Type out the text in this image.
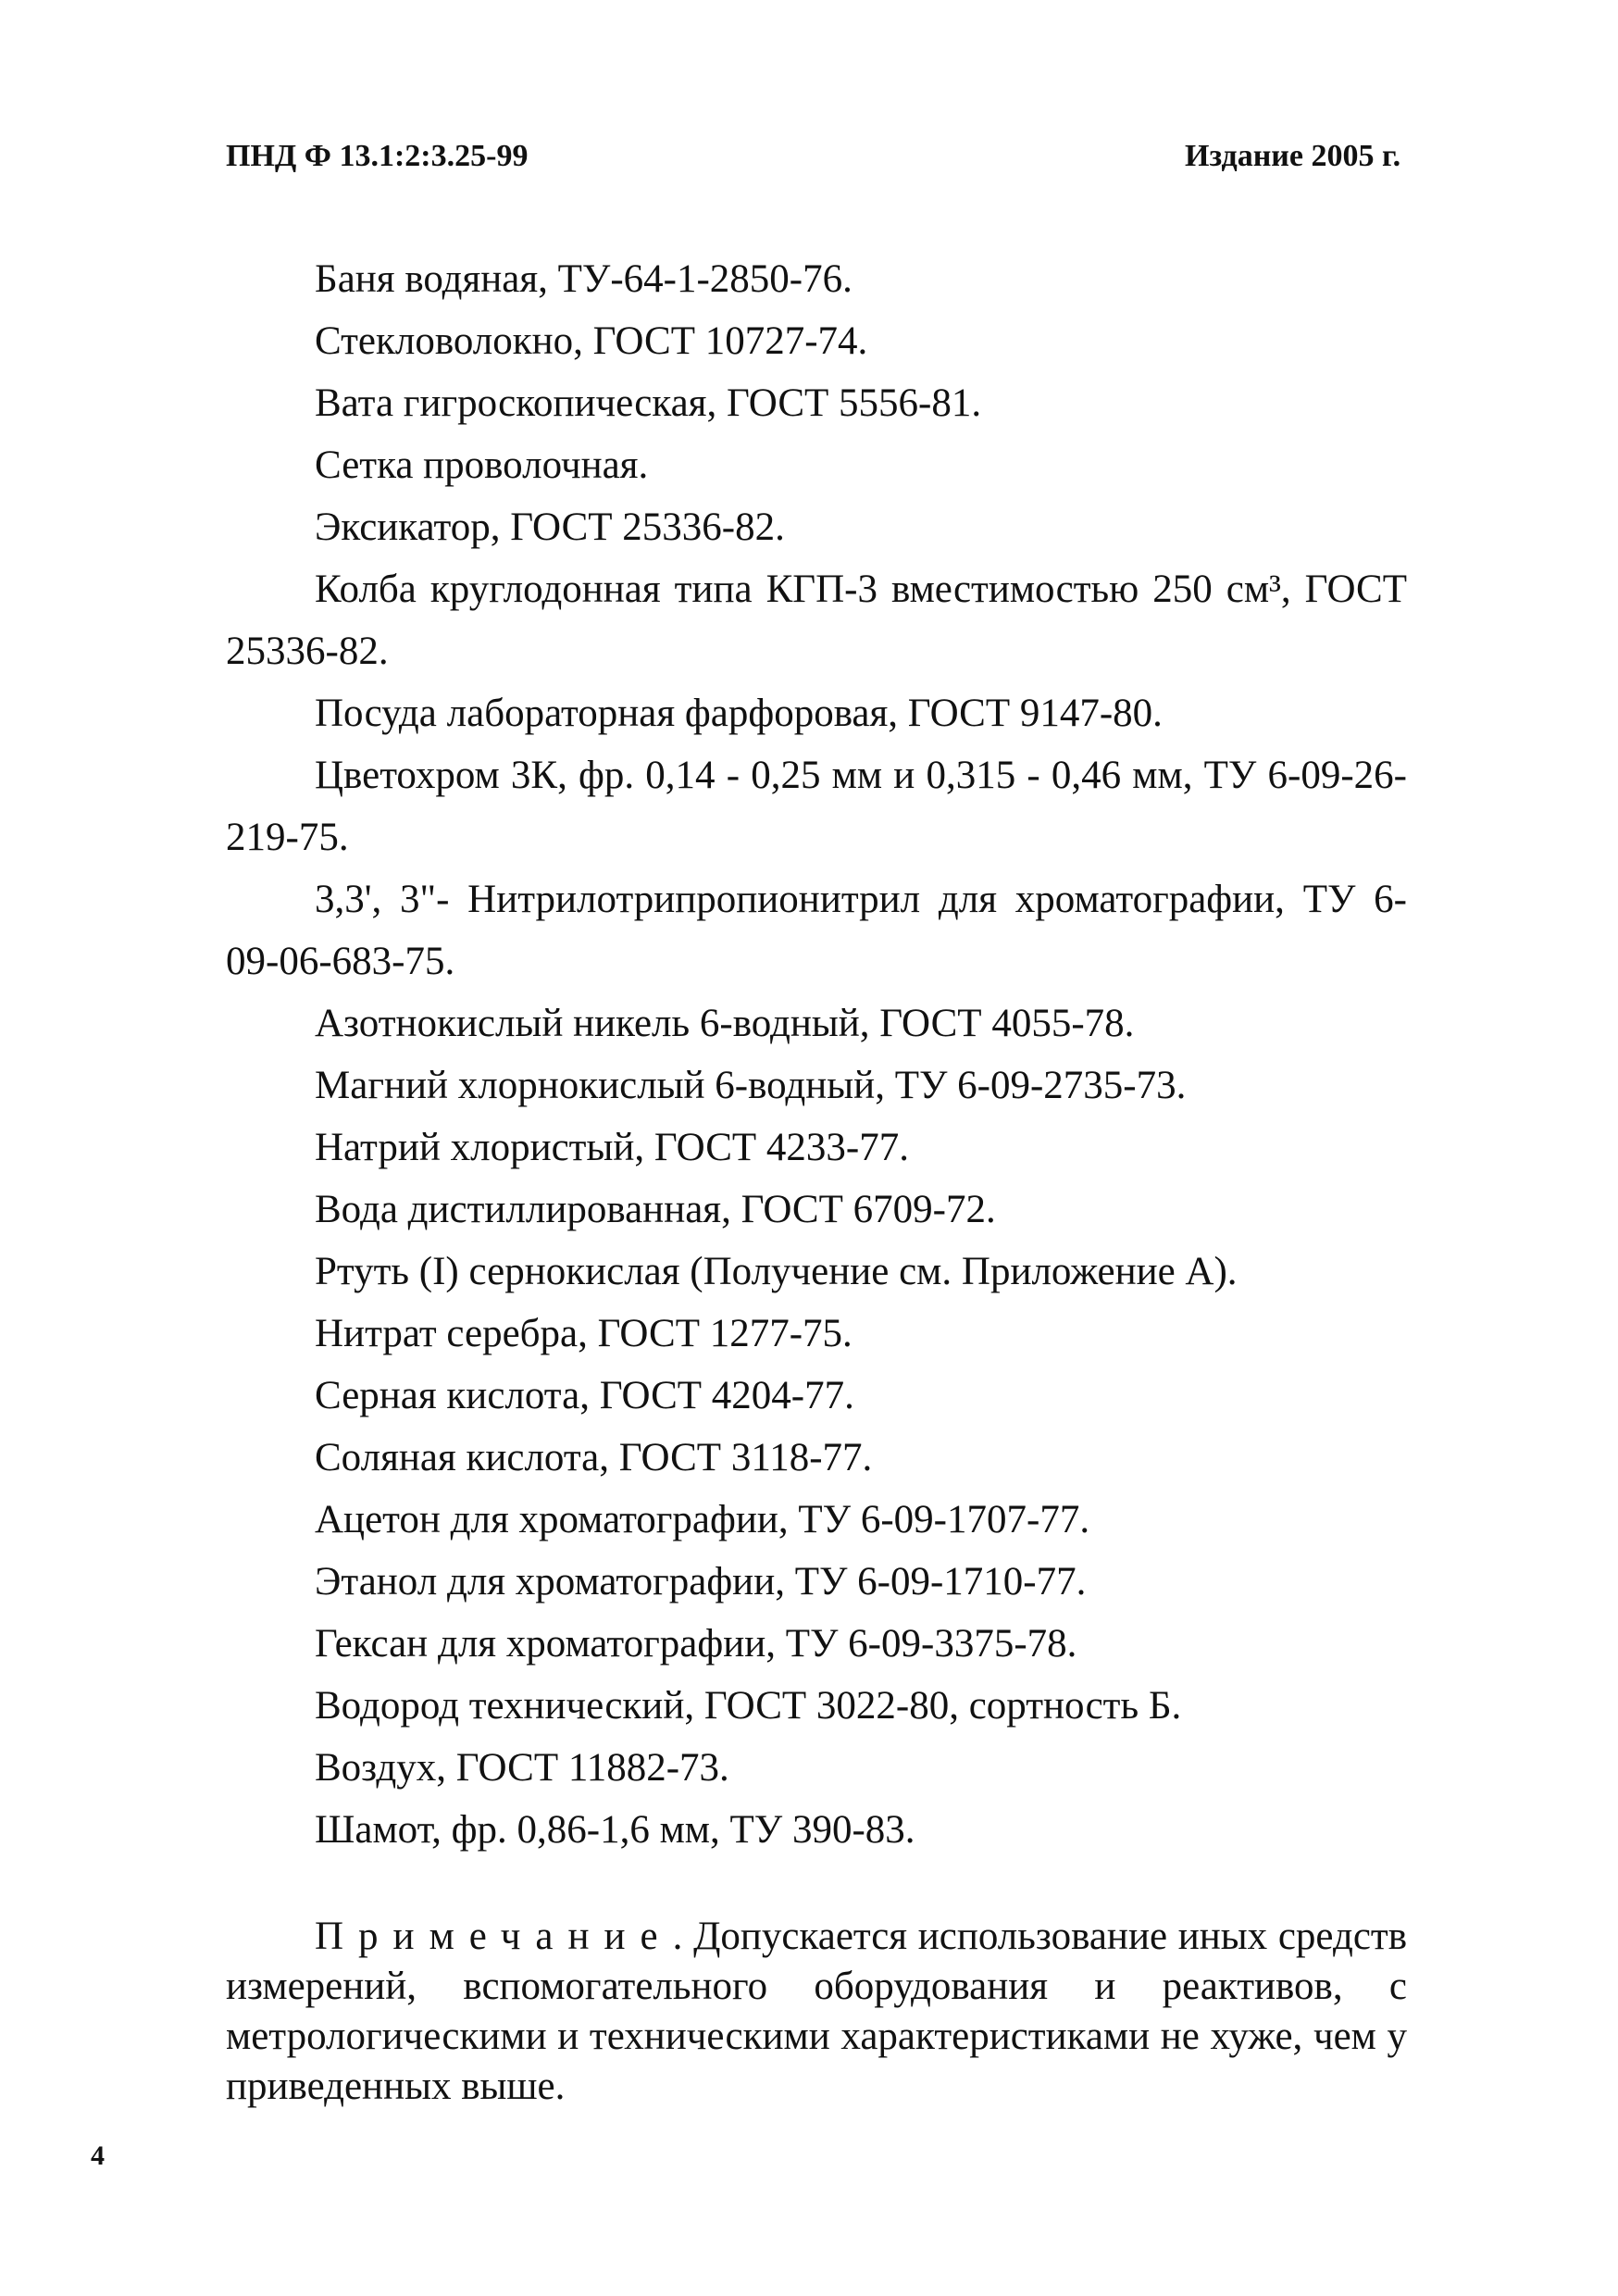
ПНД Ф 13.1:2:3.25-99	Издание 2005 г.

Баня водяная, ТУ-64-1-2850-76.

Стекловолокно, ГОСТ 10727-74.

Вата гигроскопическая, ГОСТ 5556-81.

Сетка проволочная.

Эксикатор, ГОСТ 25336-82.

Колба круглодонная типа КГП-3 вместимостью 250 см³, ГОСТ 25336-82.

Посуда лабораторная фарфоровая, ГОСТ 9147-80.

Цветохром 3К, фр. 0,14 - 0,25 мм и 0,315 - 0,46 мм, ТУ 6-09-26-219-75.

3,3', 3"- Нитрилотрипропионитрил для хроматографии, ТУ 6-09-06-683-75.

Азотнокислый никель 6-водный, ГОСТ 4055-78.

Магний хлорнокислый 6-водный, ТУ 6-09-2735-73.

Натрий хлористый, ГОСТ 4233-77.

Вода дистиллированная, ГОСТ 6709-72.

Ртуть (I) сернокислая (Получение см. Приложение А).

Нитрат серебра, ГОСТ 1277-75.

Серная кислота, ГОСТ 4204-77.

Соляная кислота, ГОСТ 3118-77.

Ацетон для хроматографии, ТУ 6-09-1707-77.

Этанол для хроматографии, ТУ 6-09-1710-77.

Гексан для хроматографии, ТУ 6-09-3375-78.

Водород технический, ГОСТ 3022-80, сортность Б.

Воздух, ГОСТ 11882-73.

Шамот, фр. 0,86-1,6 мм, ТУ 390-83.

Примечание. Допускается использование иных средств измерений, вспомогательного оборудования и реактивов, с метрологическими и техническими характеристиками не хуже, чем у приведенных выше.

4
